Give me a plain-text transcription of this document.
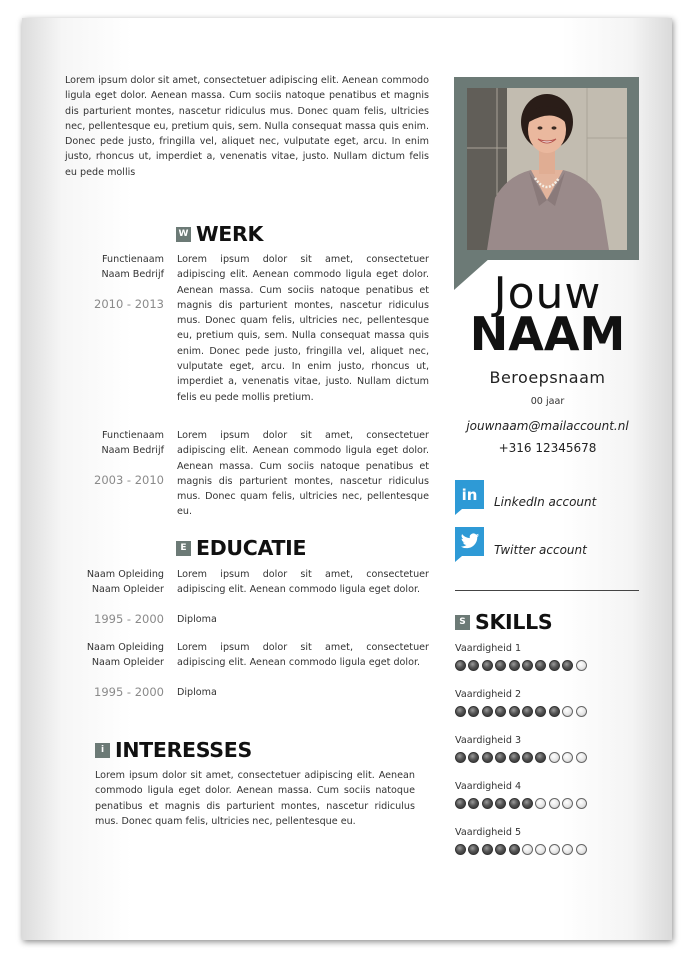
Lorem ipsum dolor sit amet, consectetuer adipiscing elit. Aenean commodo ligula eget dolor. Aenean massa. Cum sociis natoque penatibus et magnis dis parturient montes, nascetur ridiculus mus. Donec quam felis, ultricies nec, pellentesque eu, pretium quis, sem. Nulla consequat massa quis enim. Donec pede justo, fringilla vel, aliquet nec, vulputate eget, arcu. In enim justo, rhoncus ut, imperdiet a, venenatis vitae, justo. Nullam dictum felis eu pede mollis
W WERK
Functienaam
Naam Bedrijf
2010 - 2013
Lorem ipsum dolor sit amet, consectetuer adipiscing elit. Aenean commodo ligula eget dolor. Aenean massa. Cum sociis natoque penatibus et magnis dis parturient montes, nascetur ridiculus mus. Donec quam felis, ultricies nec, pellentesque eu, pretium quis, sem. Nulla consequat massa quis enim. Donec pede justo, fringilla vel, aliquet nec, vulputate eget, arcu. In enim justo, rhoncus ut, imperdiet a, venenatis vitae, justo. Nullam dictum felis eu pede mollis pretium.
Functienaam
Naam Bedrijf
2003 - 2010
Lorem ipsum dolor sit amet, consectetuer adipiscing elit. Aenean commodo ligula eget dolor. Aenean massa. Cum sociis natoque penatibus et magnis dis parturient montes, nascetur ridiculus mus. Donec quam felis, ultricies nec, pellentesque eu.
E EDUCATIE
Naam Opleiding
Naam Opleider
Lorem ipsum dolor sit amet, consectetuer adipiscing elit. Aenean commodo ligula eget dolor.
1995 - 2000 Diploma
Naam Opleiding
Naam Opleider
Lorem ipsum dolor sit amet, consectetuer adipiscing elit. Aenean commodo ligula eget dolor.
1995 - 2000 Diploma
i INTERESSES
Lorem ipsum dolor sit amet, consectetuer adipiscing elit. Aenean commodo ligula eget dolor. Aenean massa. Cum sociis natoque penatibus et magnis dis parturient montes, nascetur ridiculus mus. Donec quam felis, ultricies nec, pellentesque eu.
Jouw
NAAM
Beroepsnaam
00 jaar
jouwnaam@mailaccount.nl
+316 12345678
in LinkedIn account
Twitter account
S SKILLS
Vaardigheid 1
Vaardigheid 2
Vaardigheid 3
Vaardigheid 4
Vaardigheid 5
